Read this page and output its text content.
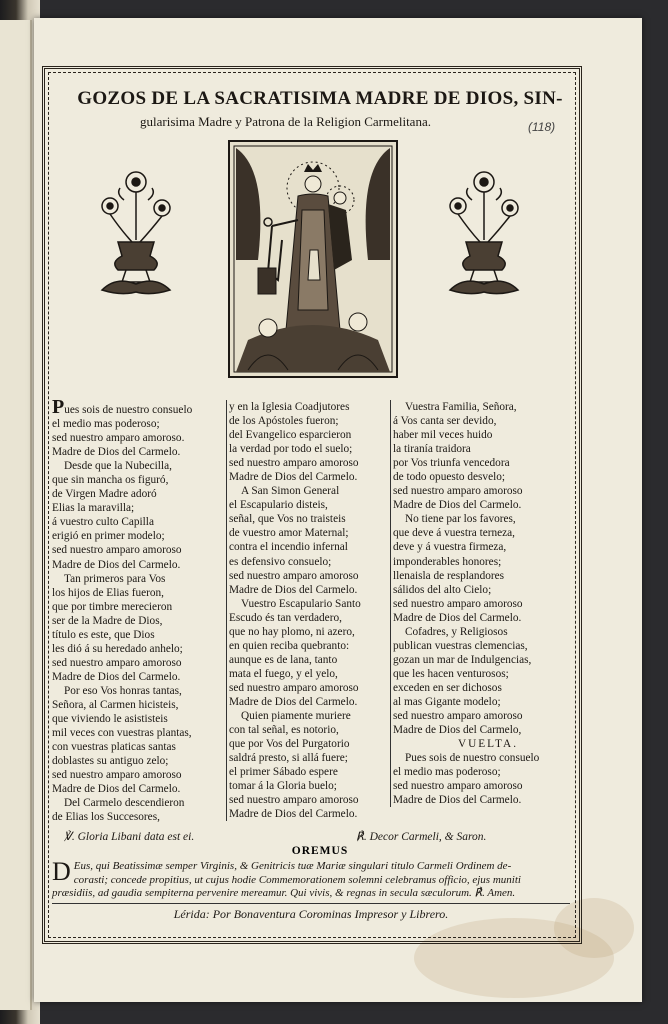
GOZOS DE LA SACRATISIMA MADRE DE DIOS, SIN-
gularisima Madre y Patrona de la Religion Carmelitana.	(118)
Pues sois de nuestro consuelo
el medio mas poderoso;
sed nuestro amparo amoroso.
Madre de Dios del Carmelo.
Desde que la Nubecilla,
que sin mancha os figuró,
de Virgen Madre adoró
Elias la maravilla;
á vuestro culto Capilla
erigió en primer modelo;
sed nuestro amparo amoroso
Madre de Dios del Carmelo.
Tan primeros para Vos
los hijos de Elias fueron,
que por timbre merecieron
ser de la Madre de Dios,
título es este, que Dios
les dió á su heredado anhelo;
sed nuestro amparo amoroso
Madre de Dios del Carmelo.
Por eso Vos honras tantas,
Señora, al Carmen hicisteis,
que viviendo le asististeis
mil veces con vuestras plantas,
con vuestras platicas santas
doblastes su antiguo zelo;
sed nuestro amparo amoroso
Madre de Dios del Carmelo.
Del Carmelo descendieron
de Elias los Succesores,
y en la Iglesia Coadjutores
de los Apóstoles fueron;
del Evangelico esparcieron
la verdad por todo el suelo;
sed nuestro amparo amoroso
Madre de Dios del Carmelo.
A San Simon General
el Escapulario disteis,
señal, que Vos no traisteis
de vuestro amor Maternal;
contra el incendio infernal
es defensivo consuelo;
sed nuestro amparo amoroso
Madre de Dios del Carmelo.
Vuestro Escapulario Santo
Escudo és tan verdadero,
que no hay plomo, ni azero,
en quien reciba quebranto:
aunque es de lana, tanto
mata el fuego, y el yelo,
sed nuestro amparo amoroso
Madre de Dios del Carmelo.
Quien piamente muriere
con tal señal, es notorio,
que por Vos del Purgatorio
saldrá presto, si allá fuere;
el primer Sábado espere
tomar á la Gloria buelo;
sed nuestro amparo amoroso
Madre de Dios del Carmelo.
Vuestra Familia, Señora,
á Vos canta ser devido,
haber mil veces huido
la tiranía traidora
por Vos triunfa vencedora
de todo opuesto desvelo;
sed nuestro amparo amoroso
Madre de Dios del Carmelo.
No tiene par los favores,
que deve á vuestra terneza,
deve y á vuestra firmeza,
imponderables honores;
llenaisla de resplandores
sálidos del alto Cielo;
sed nuestro amparo amoroso
Madre de Dios del Carmelo.
Cofadres, y Religiosos
publican vuestras clemencias,
gozan un mar de Indulgencias,
que les hacen venturosos;
exceden en ser dichosos
al mas Gigante modelo;
sed nuestro amparo amoroso
Madre de Dios del Carmelo,
VUELTA.
Pues sois de nuestro consuelo
el medio mas poderoso;
sed nuestro amparo amoroso
Madre de Dios del Carmelo.
℣. Gloria Libani data est ei.	℟. Decor Carmeli, & Saron.
OREMUS
D Eus, qui Beatissimæ semper Virginis, & Genitricis tuæ Mariæ singulari titulo Carmeli Ordinem de-
corasti; concede propitius, ut cujus hodie Commemorationem solemni celebramus officio, ejus muniti
præsidiis, ad gaudia sempiterna pervenire mereamur. Qui vivis, & regnas in secula sæculorum. ℟. Amen.
Lérida: Por Bonaventura Corominas Impresor y Librero.
